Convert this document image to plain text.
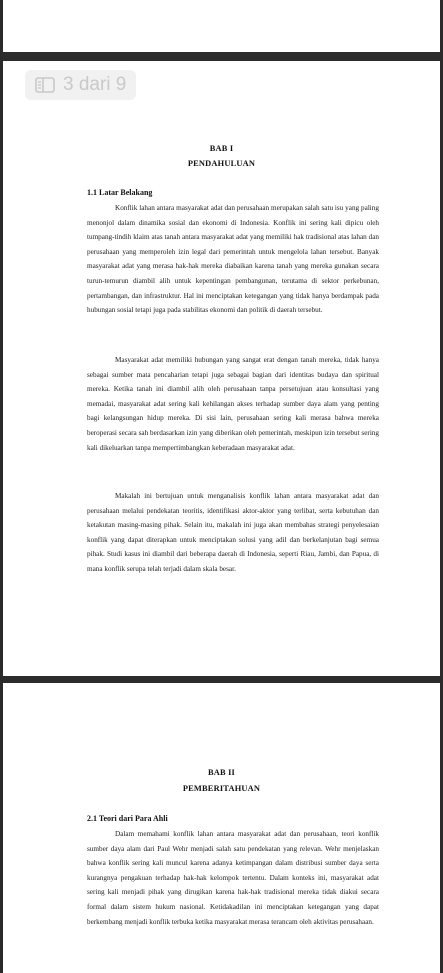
3 dari 9
BAB I
PENDAHULUAN
1.1 Latar Belakang

Konflik lahan antara masyarakat adat dan perusahaan merupakan salah satu isu yang paling menonjol dalam dinamika sosial dan ekonomi di Indonesia. Konflik ini sering kali dipicu oleh tumpang-tindih klaim atas tanah antara masyarakat adat yang memiliki hak tradisional atas lahan dan perusahaan yang memperoleh izin legal dari pemerintah untuk mengelola lahan tersebut. Banyak masyarakat adat yang merasa hak-hak mereka diabaikan karena tanah yang mereka gunakan secara turun-temurun diambil alih untuk kepentingan pembangunan, terutama di sektor perkebunan, pertambangan, dan infrastruktur. Hal ini menciptakan ketegangan yang tidak hanya berdampak pada hubungan sosial tetapi juga pada stabilitas ekonomi dan politik di daerah tersebut.

Masyarakat adat memiliki hubungan yang sangat erat dengan tanah mereka, tidak hanya sebagai sumber mata pencaharian tetapi juga sebagai bagian dari identitas budaya dan spiritual mereka. Ketika tanah ini diambil alih oleh perusahaan tanpa persetujuan atau konsultasi yang memadai, masyarakat adat sering kali kehilangan akses terhadap sumber daya alam yang penting bagi kelangsungan hidup mereka. Di sisi lain, perusahaan sering kali merasa bahwa mereka beroperasi secara sah berdasarkan izin yang diberikan oleh pemerintah, meskipun izin tersebut sering kali dikeluarkan tanpa mempertimbangkan keberadaan masyarakat adat.

Makalah ini bertujuan untuk menganalisis konflik lahan antara masyarakat adat dan perusahaan melalui pendekatan teoritis, identifikasi aktor-aktor yang terlibat, serta kebutuhan dan ketakutan masing-masing pihak. Selain itu, makalah ini juga akan membahas strategi penyelesaian konflik yang dapat diterapkan untuk menciptakan solusi yang adil dan berkelanjutan bagi semua pihak. Studi kasus ini diambil dari beberapa daerah di Indonesia, seperti Riau, Jambi, dan Papua, di mana konflik serupa telah terjadi dalam skala besar.

BAB II
PEMBERITAHUAN
2.1 Teori dari Para Ahli

Dalam memahami konflik lahan antara masyarakat adat dan perusahaan, teori konflik sumber daya alam dari Paul Wehr menjadi salah satu pendekatan yang relevan. Wehr menjelaskan bahwa konflik sering kali muncul karena adanya ketimpangan dalam distribusi sumber daya serta kurangnya pengakuan terhadap hak-hak kelompok tertentu. Dalam konteks ini, masyarakat adat sering kali menjadi pihak yang dirugikan karena hak-hak tradisional mereka tidak diakui secara formal dalam sistem hukum nasional. Ketidakadilan ini menciptakan ketegangan yang dapat berkembang menjadi konflik terbuka ketika masyarakat merasa terancam oleh aktivitas perusahaan.
